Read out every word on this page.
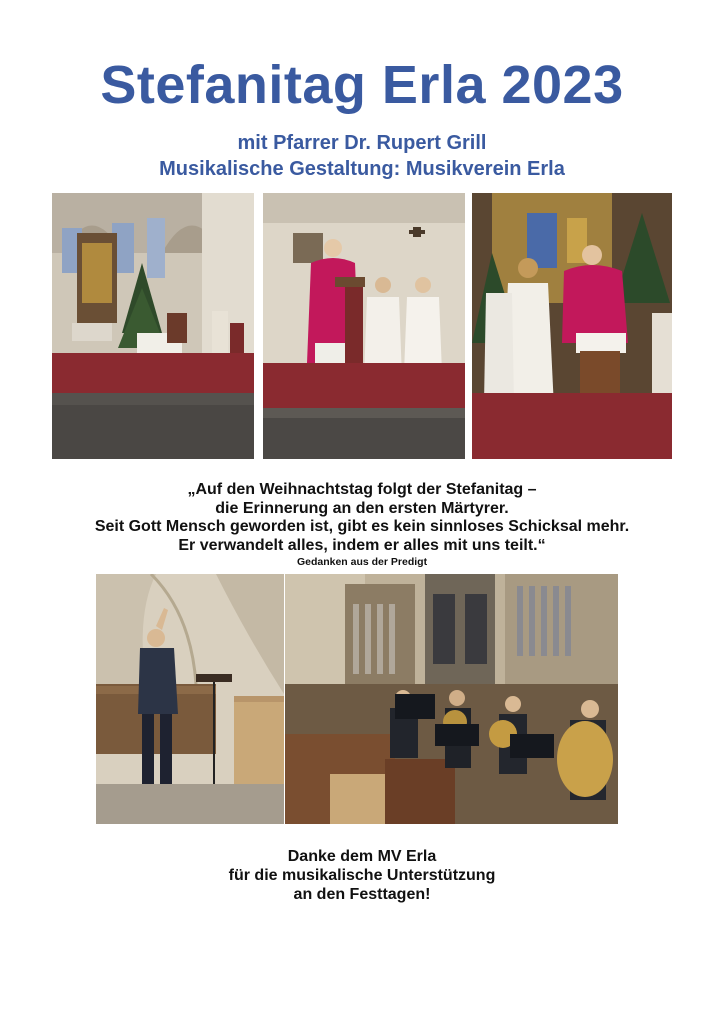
Stefanitag Erla 2023
mit Pfarrer Dr. Rupert Grill
Musikalische Gestaltung: Musikverein Erla
„Auf den Weihnachtstag folgt der Stefanitag –
die Erinnerung an den ersten Märtyrer.
Seit Gott Mensch geworden ist, gibt es kein sinnloses Schicksal mehr.
Er verwandelt alles, indem er alles mit uns teilt.“
Gedanken aus der Predigt
Danke dem MV Erla
für die musikalische Unterstützung
an den Festtagen!
